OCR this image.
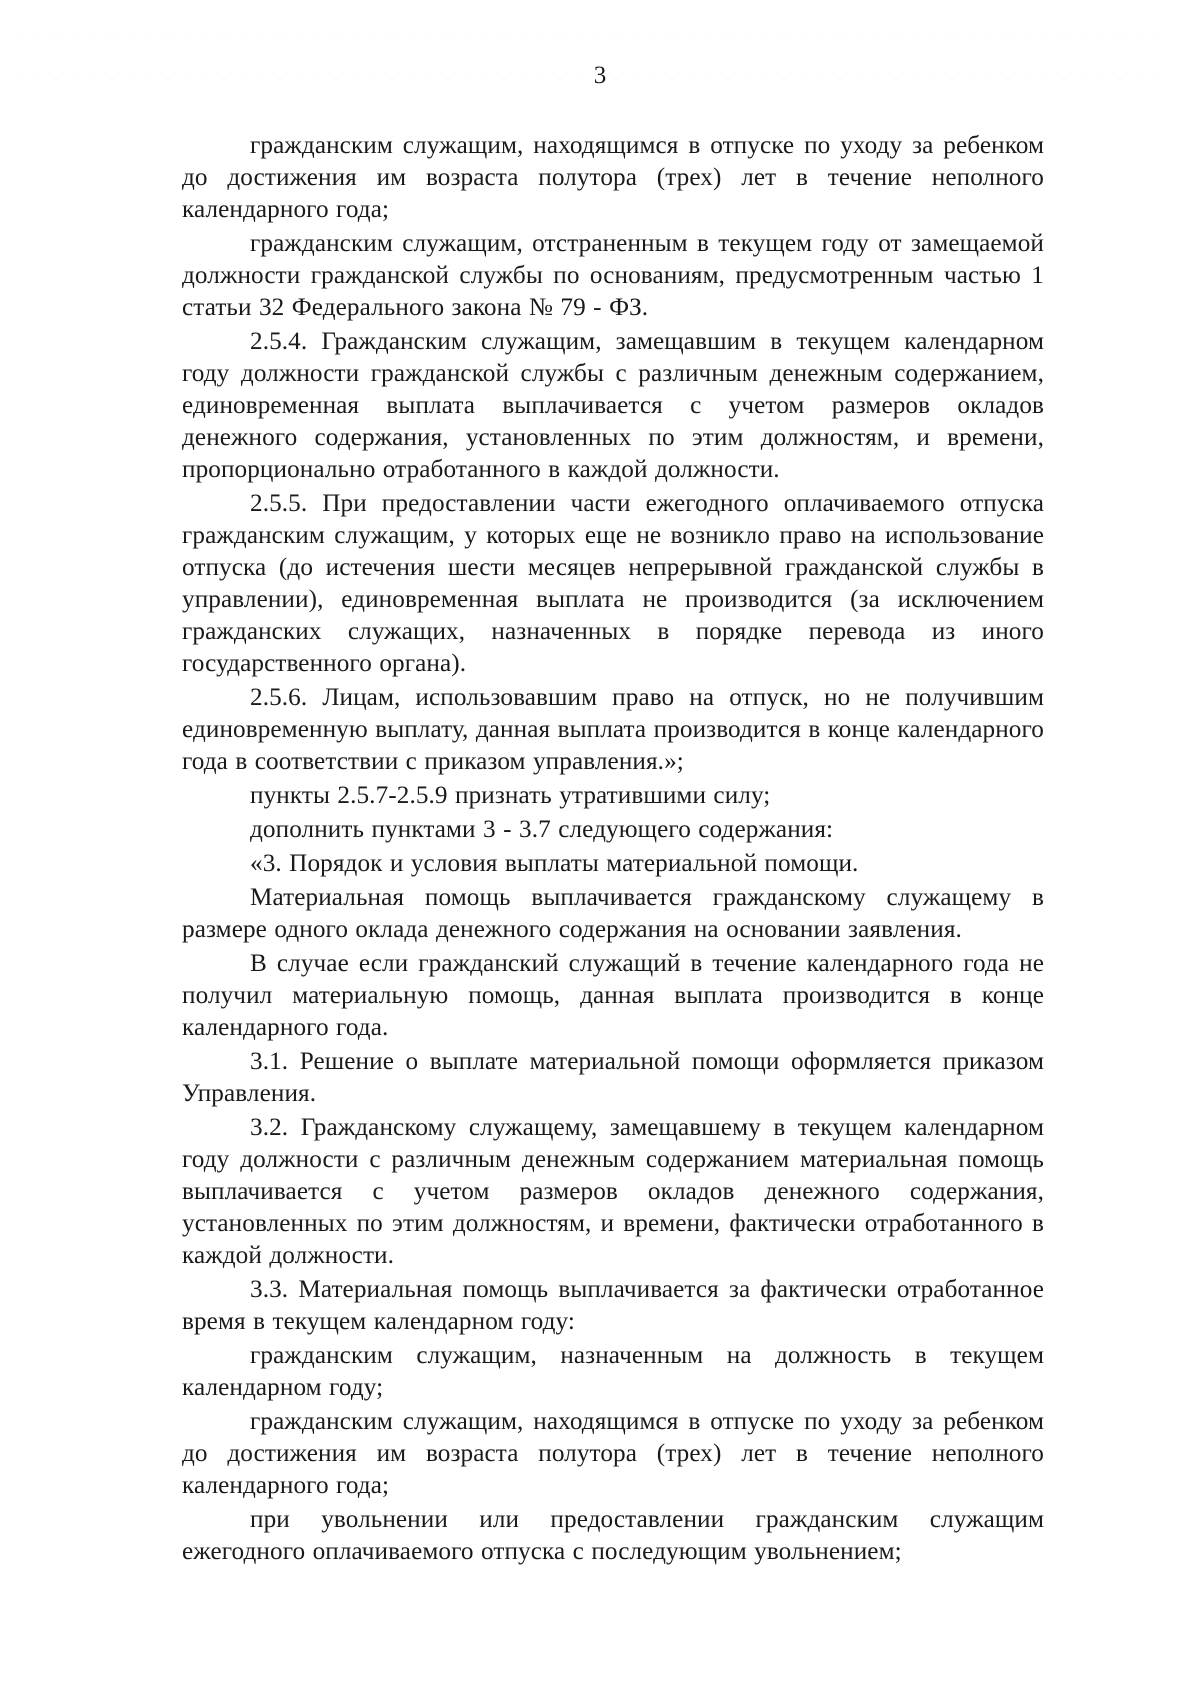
3

гражданским служащим, находящимся в отпуске по уходу за ребенком до достижения им возраста полутора (трех) лет в течение неполного календарного года;

гражданским служащим, отстраненным в текущем году от замещаемой должности гражданской службы по основаниям, предусмотренным частью 1 статьи 32 Федерального закона № 79 - ФЗ.

2.5.4. Гражданским служащим, замещавшим в текущем календарном году должности гражданской службы с различным денежным содержанием, единовременная выплата выплачивается с учетом размеров окладов денежного содержания, установленных по этим должностям, и времени, пропорционально отработанного в каждой должности.

2.5.5. При предоставлении части ежегодного оплачиваемого отпуска гражданским служащим, у которых еще не возникло право на использование отпуска (до истечения шести месяцев непрерывной гражданской службы в управлении), единовременная выплата не производится (за исключением гражданских служащих, назначенных в порядке перевода из иного государственного органа).

2.5.6. Лицам, использовавшим право на отпуск, но не получившим единовременную выплату, данная выплата производится в конце календарного года в соответствии с приказом управления.»;

пункты 2.5.7-2.5.9 признать утратившими силу;

дополнить пунктами 3 - 3.7 следующего содержания:

«3. Порядок и условия выплаты материальной помощи.

Материальная помощь выплачивается гражданскому служащему в размере одного оклада денежного содержания на основании заявления.

В случае если гражданский служащий в течение календарного года не получил материальную помощь, данная выплата производится в конце календарного года.

3.1. Решение о выплате материальной помощи оформляется приказом Управления.

3.2. Гражданскому служащему, замещавшему в текущем календарном году должности с различным денежным содержанием материальная помощь выплачивается с учетом размеров окладов денежного содержания, установленных по этим должностям, и времени, фактически отработанного в каждой должности.

3.3. Материальная помощь выплачивается за фактически отработанное время в текущем календарном году:

гражданским служащим, назначенным на должность в текущем календарном году;

гражданским служащим, находящимся в отпуске по уходу за ребенком до достижения им возраста полутора (трех) лет в течение неполного календарного года;

при увольнении или предоставлении гражданским служащим ежегодного оплачиваемого отпуска с последующим увольнением;
